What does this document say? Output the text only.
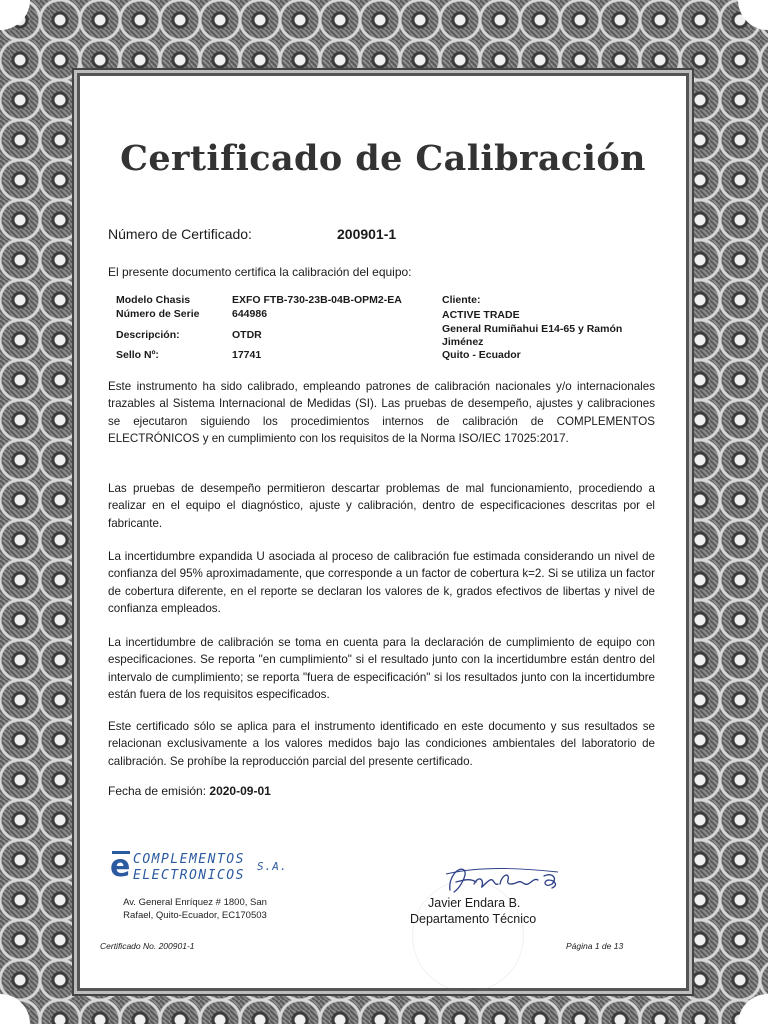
Certificado de Calibración
Número de Certificado:	200901-1
El presente documento certifica la calibración del equipo:
Modelo Chasis	EXFO FTB-730-23B-04B-OPM2-EA
Número de Serie	644986
Descripción:	OTDR
Sello Nº:	17741
Cliente:
ACTIVE TRADE
General Rumiñahui E14-65 y Ramón
Jiménez
Quito - Ecuador
Este instrumento ha sido calibrado, empleando patrones de calibración nacionales y/o internacionales trazables al Sistema Internacional de Medidas (SI). Las pruebas de desempeño, ajustes y calibraciones se ejecutaron siguiendo los procedimientos internos de calibración de COMPLEMENTOS ELECTRÓNICOS y en cumplimiento con los requisitos de la Norma ISO/IEC 17025:2017.
Las pruebas de desempeño permitieron descartar problemas de mal funcionamiento, procediendo a realizar en el equipo el diagnóstico, ajuste y calibración, dentro de especificaciones descritas por el fabricante.
La incertidumbre expandida U asociada al proceso de calibración fue estimada considerando un nivel de confianza del 95% aproximadamente, que corresponde a un factor de cobertura k=2. Si se utiliza un factor de cobertura diferente, en el reporte se declaran los valores de k, grados efectivos de libertas y nivel de confianza empleados.
La incertidumbre de calibración se toma en cuenta para la declaración de cumplimiento de equipo con especificaciones. Se reporta "en cumplimiento" si el resultado junto con la incertidumbre están dentro del intervalo de cumplimiento; se reporta "fuera de especificación" si los resultados junto con la incertidumbre están fuera de los requisitos especificados.
Este certificado sólo se aplica para el instrumento identificado en este documento y sus resultados se relacionan exclusivamente a los valores medidos bajo las condiciones ambientales del laboratorio de calibración. Se prohíbe la reproducción parcial del presente certificado.
Fecha de emisión: 2020-09-01
e COMPLEMENTOS S.A.
ELECTRONICOS
Av. General Enríquez # 1800, San
Rafael, Quito-Ecuador, EC170503
Javier Endara B.
Departamento Técnico
Certificado No. 200901-1	Página 1 de 13
